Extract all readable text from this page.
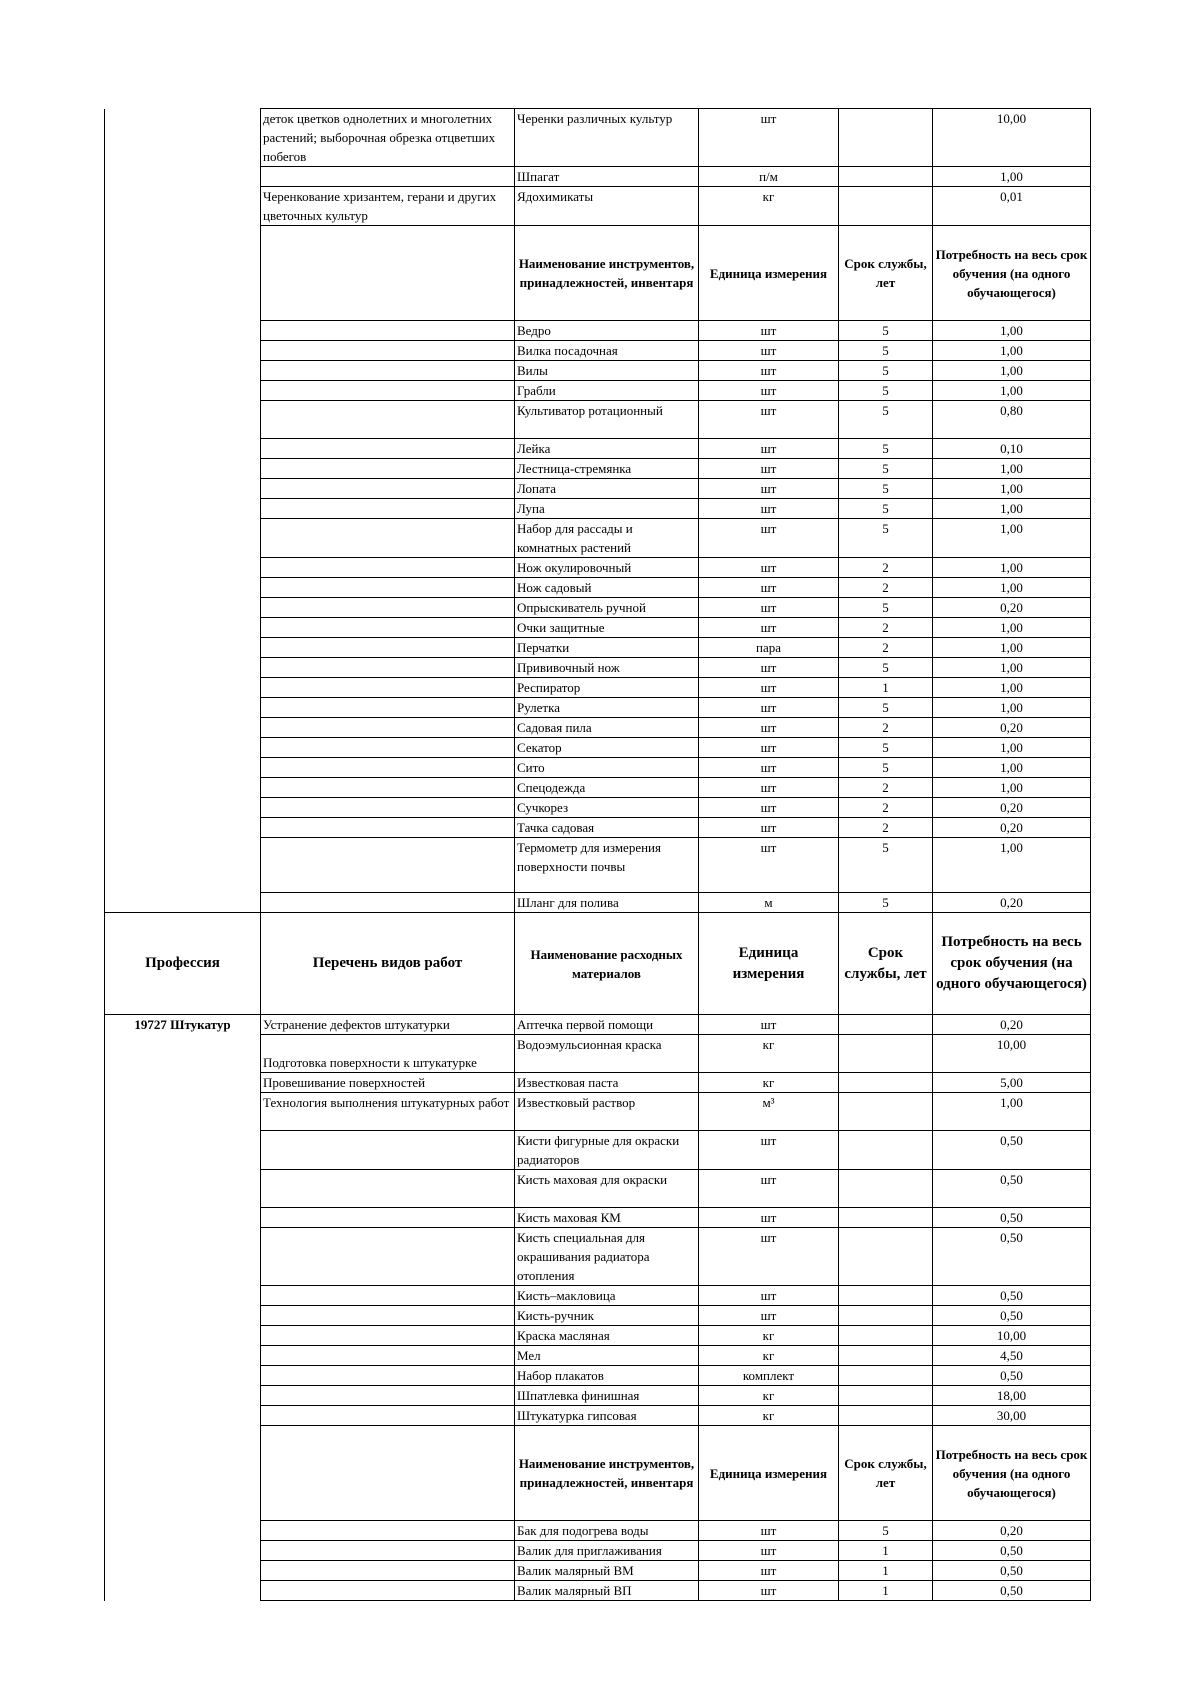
	деток цветков однолетних и многолетних растений; выборочная обрезка отцветших побегов	Черенки различных культур	шт		10,00
		Шпагат	п/м		1,00
	Черенкование хризантем, герани и других цветочных культур	Ядохимикаты	кг		0,01
		Наименование инструментов, принадлежностей, инвентаря	Единица измерения	Срок службы, лет	Потребность на весь срок обучения (на одного обучающегося)
		Ведро	шт	5	1,00
		Вилка посадочная	шт	5	1,00
		Вилы	шт	5	1,00
		Грабли	шт	5	1,00
		Культиватор ротационный	шт	5	0,80
		Лейка	шт	5	0,10
		Лестница-стремянка	шт	5	1,00
		Лопата	шт	5	1,00
		Лупа	шт	5	1,00
		Набор для рассады и комнатных растений	шт	5	1,00
		Нож окулировочный	шт	2	1,00
		Нож садовый	шт	2	1,00
		Опрыскиватель ручной	шт	5	0,20
		Очки защитные	шт	2	1,00
		Перчатки	пара	2	1,00
		Прививочный нож	шт	5	1,00
		Респиратор	шт	1	1,00
		Рулетка	шт	5	1,00
		Садовая пила	шт	2	0,20
		Секатор	шт	5	1,00
		Сито	шт	5	1,00
		Спецодежда	шт	2	1,00
		Сучкорез	шт	2	0,20
		Тачка садовая	шт	2	0,20
		Термометр для измерения поверхности почвы	шт	5	1,00
		Шланг для полива	м	5	0,20
Профессия	Перечень видов работ	Наименование расходных материалов	Единица измерения	Срок службы, лет	Потребность на весь срок обучения (на одного обучающегося)
19727 Штукатур	Устранение дефектов штукатурки	Аптечка первой помощи	шт		0,20
	Подготовка поверхности к штукатурке	Водоэмульсионная краска	кг		10,00
	Провешивание поверхностей	Известковая паста	кг		5,00
	Технология выполнения штукатурных работ	Известковый раствор	м³		1,00
		Кисти фигурные для окраски радиаторов	шт		0,50
		Кисть маховая для окраски	шт		0,50
		Кисть маховая КМ	шт		0,50
		Кисть специальная для окрашивания радиатора отопления	шт		0,50
		Кисть–макловица	шт		0,50
		Кисть-ручник	шт		0,50
		Краска масляная	кг		10,00
		Мел	кг		4,50
		Набор плакатов	комплект		0,50
		Шпатлевка финишная	кг		18,00
		Штукатурка гипсовая	кг		30,00
		Наименование инструментов, принадлежностей, инвентаря	Единица измерения	Срок службы, лет	Потребность на весь срок обучения (на одного обучающегося)
		Бак для подогрева воды	шт	5	0,20
		Валик для приглаживания	шт	1	0,50
		Валик малярный ВМ	шт	1	0,50
		Валик малярный ВП	шт	1	0,50
